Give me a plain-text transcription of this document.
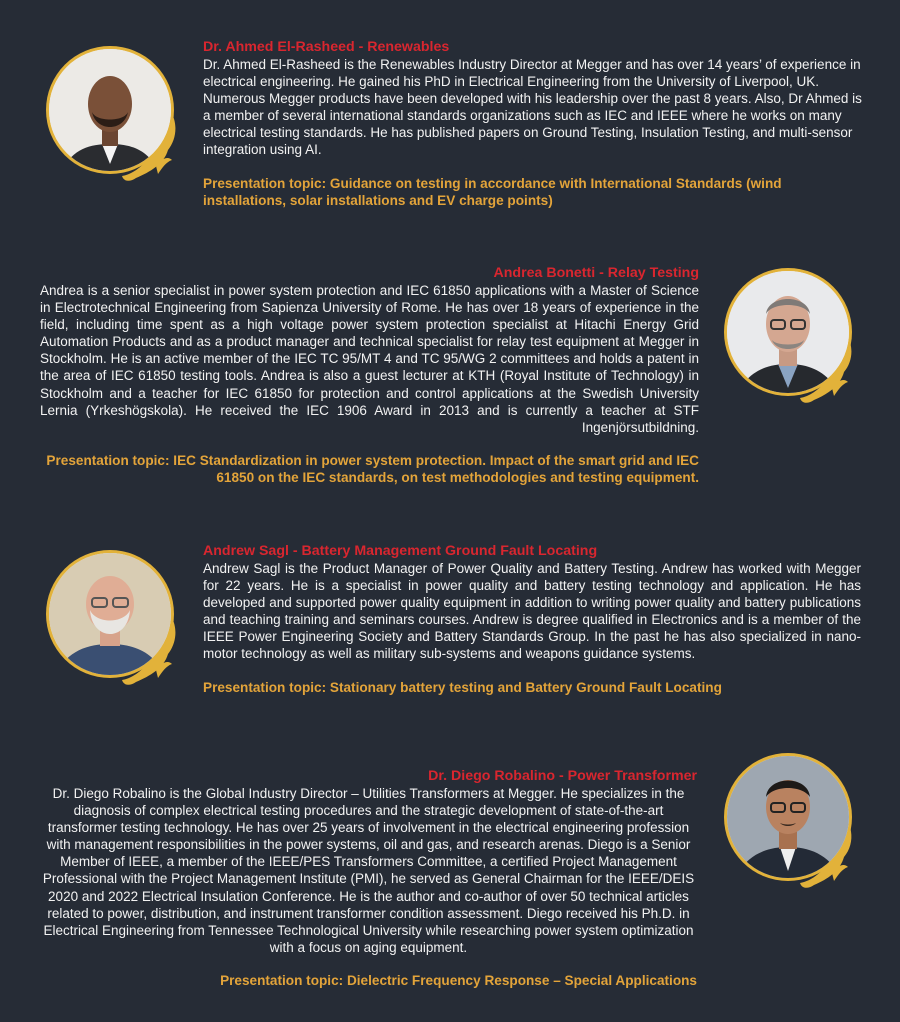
Dr. Ahmed El-Rasheed - Renewables
Dr. Ahmed El-Rasheed is the Renewables Industry Director at Megger and has over 14 years’ of experience in electrical engineering. He gained his PhD in Electrical Engineering from the University of Liverpool, UK. Numerous Megger products have been developed with his leadership over the past 8 years. Also, Dr Ahmed is a member of several international standards organizations such as IEC and IEEE where he works on many electrical testing standards. He has published papers on Ground Testing, Insulation Testing, and multi-sensor integration using AI.
Presentation topic: Guidance on testing in accordance with International Standards (wind installations, solar installations and EV charge points)
Andrea Bonetti - Relay Testing
Andrea is a senior specialist in power system protection and IEC 61850 applications with a Master of Science in Electrotechnical Engineering from Sapienza University of Rome. He has over 18 years of experience in the field, including time spent as a high voltage power system protection specialist at Hitachi Energy Grid Automation Products and as a product manager and technical specialist for relay test equipment at Megger in Stockholm. He is an active member of the IEC TC 95/MT 4 and TC 95/WG 2 committees and holds a patent in the area of IEC 61850 testing tools. Andrea is also a guest lecturer at KTH (Royal Institute of Technology) in Stockholm and a teacher for IEC 61850 for protection and control applications at the Swedish University Lernia (Yrkeshögskola). He received the IEC 1906 Award in 2013 and is currently a teacher at STF Ingenjörsutbildning.
Presentation topic: IEC Standardization in power system protection. Impact of the smart grid and IEC 61850 on the IEC standards, on test methodologies and testing equipment.
Andrew Sagl - Battery Management Ground Fault Locating
Andrew Sagl is the Product Manager of Power Quality and Battery Testing. Andrew has worked with Megger for 22 years. He is a specialist in power quality and battery testing technology and application. He has developed and supported power quality equipment in addition to writing power quality and battery publications and teaching training and seminars courses. Andrew is degree qualified in Electronics and is a member of the IEEE Power Engineering Society and Battery Standards Group. In the past he has also specialized in nano-motor technology as well as military sub-systems and weapons guidance systems.
Presentation topic: Stationary battery testing and Battery Ground Fault Locating
Dr. Diego Robalino - Power Transformer
Dr. Diego Robalino is the Global Industry Director – Utilities Transformers at Megger. He specializes in the diagnosis of complex electrical testing procedures and the strategic development of state-of-the-art transformer testing technology. He has over 25 years of involvement in the electrical engineering profession with management responsibilities in the power systems, oil and gas, and research arenas. Diego is a Senior Member of IEEE, a member of the IEEE/PES Transformers Committee, a certified Project Management Professional with the Project Management Institute (PMI), he served as General Chairman for the IEEE/DEIS 2020 and 2022 Electrical Insulation Conference. He is the author and co-author of over 50 technical articles related to power, distribution, and instrument transformer condition assessment. Diego received his Ph.D. in Electrical Engineering from Tennessee Technological University while researching power system optimization with a focus on aging equipment.
Presentation topic: Dielectric Frequency Response – Special Applications
